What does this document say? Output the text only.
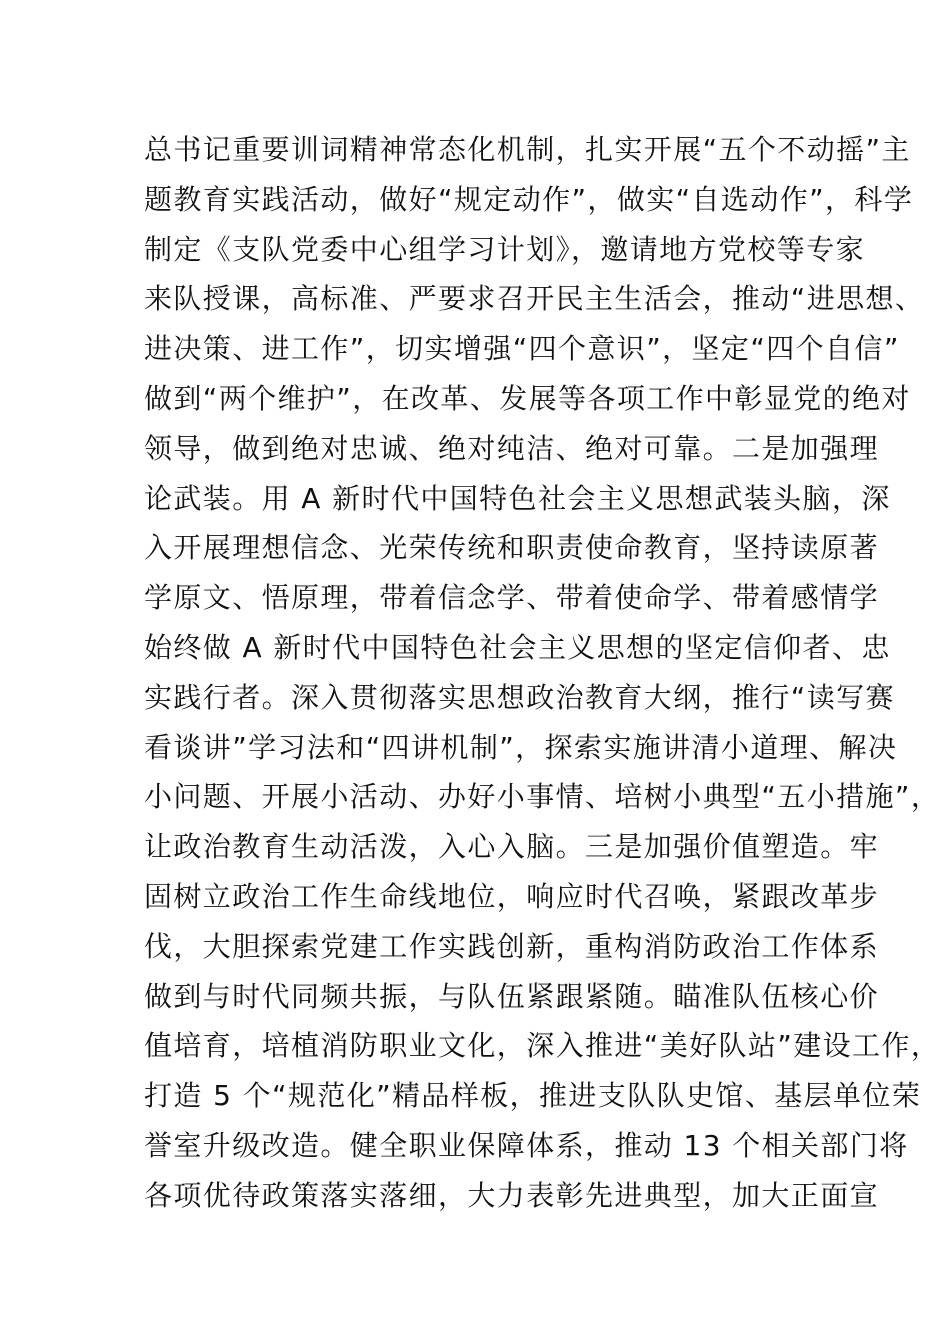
总书记重要训词精神常态化机制，扎实开展“五个不动摇”主
题教育实践活动，做好“规定动作”，做实“自选动作”，科学
制定《支队党委中心组学习计划》，邀请地方党校等专家
来队授课，高标准、严要求召开民主生活会，推动“进思想、
进决策、进工作”，切实增强“四个意识”，坚定“四个自信”
做到“两个维护”，在改革、发展等各项工作中彰显党的绝对
领导，做到绝对忠诚、绝对纯洁、绝对可靠。二是加强理
论武装。用 A 新时代中国特色社会主义思想武装头脑，深
入开展理想信念、光荣传统和职责使命教育，坚持读原著
学原文、悟原理，带着信念学、带着使命学、带着感情学
始终做 A 新时代中国特色社会主义思想的坚定信仰者、忠
实践行者。深入贯彻落实思想政治教育大纲，推行“读写赛
看谈讲”学习法和“四讲机制”，探索实施讲清小道理、解决
小问题、开展小活动、办好小事情、培树小典型“五小措施”，
让政治教育生动活泼，入心入脑。三是加强价值塑造。牢
固树立政治工作生命线地位，响应时代召唤，紧跟改革步
伐，大胆探索党建工作实践创新，重构消防政治工作体系
做到与时代同频共振，与队伍紧跟紧随。瞄准队伍核心价
值培育，培植消防职业文化，深入推进“美好队站”建设工作，
打造 5 个“规范化”精品样板，推进支队队史馆、基层单位荣
誉室升级改造。健全职业保障体系，推动 13 个相关部门将
各项优待政策落实落细，大力表彰先进典型，加大正面宣
